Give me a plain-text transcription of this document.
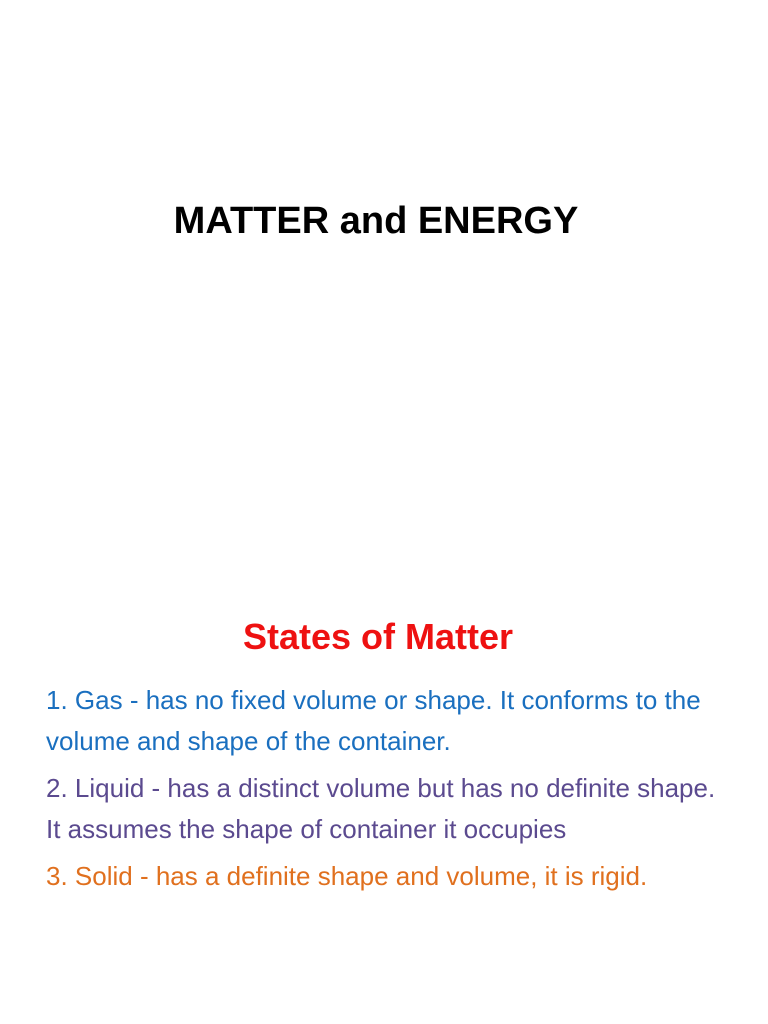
MATTER and ENERGY
States of Matter
1. Gas - has no fixed volume or shape. It conforms to the volume and shape of the container.
2. Liquid - has a distinct volume but has no definite shape. It assumes the shape of container it occupies
3. Solid - has a definite shape and volume, it is rigid.
